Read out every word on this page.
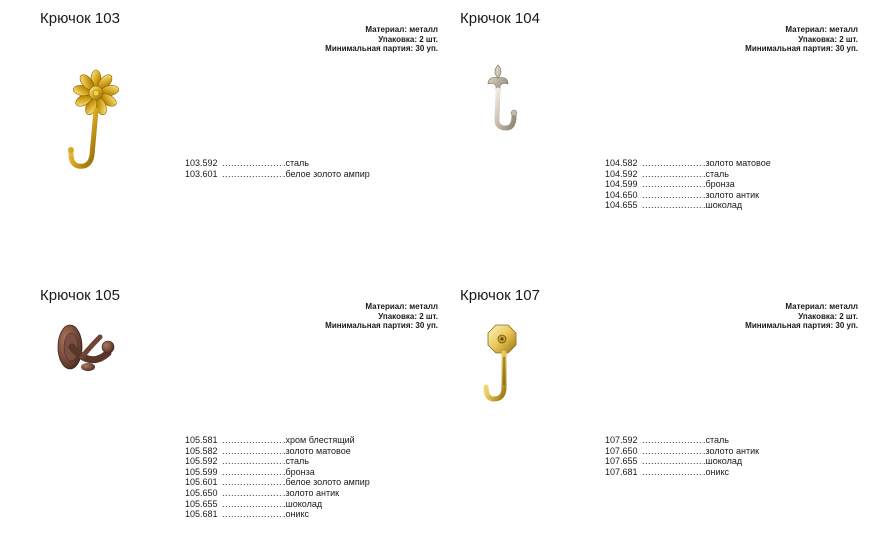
Крючок 103
Материал: металл
Упаковка: 2 шт.
Минимальная партия: 30 уп.
103.592 .....	.сталь
103.601 .....	.белое золото ампир
Крючок 104
Материал: металл
Упаковка: 2 шт.
Минимальная партия: 30 уп.
104.582 .....	.золото матовое
104.592 .....	.сталь
104.599 .....	.бронза
104.650 .....	.золото антик
104.655 .....	.шоколад
Крючок 105
Материал: металл
Упаковка: 2 шт.
Минимальная партия: 30 уп.
105.581 .....	.хром блестящий
105.582 .....	.золото матовое
105.592 .....	.сталь
105.599 .....	.бронза
105.601 .....	.белое золото ампир
105.650 .....	.золото антик
105.655 .....	.шоколад
105.681 .....	.оникс
Крючок 107
Материал: металл
Упаковка: 2 шт.
Минимальная партия: 30 уп.
107.592 .....	.сталь
107.650 .....	.золото антик
107.655 .....	.шоколад
107.681 .....	.оникс
